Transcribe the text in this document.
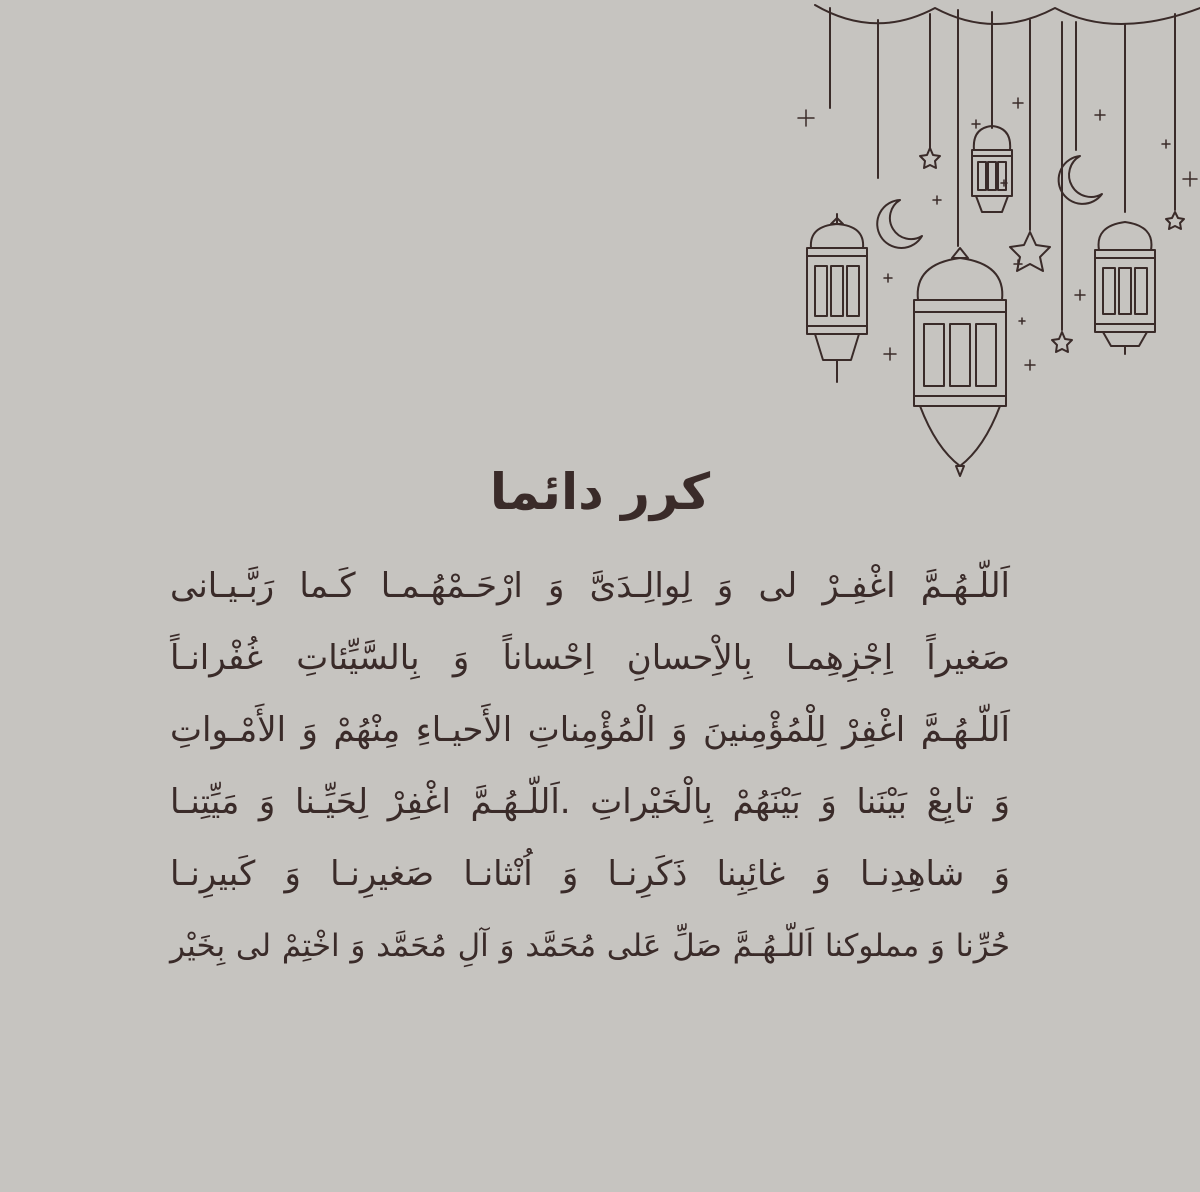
كرر دائما
اَللّـهُـمَّ اغْفِـرْ لى وَ لِوالِـدَىَّ وَ ارْحَـمْهُـمـا كَـما رَبَّـيـانى
صَغيراً اِجْزِهِمـا بِالاِْحسانِ اِحْساناً وَ بِالسَّيِّئاتِ غُفْرانـاً
اَللّـهُـمَّ اغْفِرْ لِلْمُؤْمِنينَ وَ الْمُؤْمِناتِ الأَحيـاءِ مِنْهُمْ وَ الأَمْـواتِ
وَ تابِعْ بَيْنَنا وَ بَيْنَهُمْ بِالْخَيْراتِ .اَللّـهُـمَّ اغْفِرْ لِحَيِّـنا وَ مَيِّتِنـا
وَ شاهِدِنـا وَ غائِبِنا ذَكَرِنـا وَ اُنْثانـا صَغيرِنـا وَ كَبيرِنـا
حُرِّنا وَ مملوكنا اَللّـهُـمَّ صَلِّ عَلى مُحَمَّد وَ آلِ مُحَمَّد وَ اخْتِمْ لى بِخَيْر
